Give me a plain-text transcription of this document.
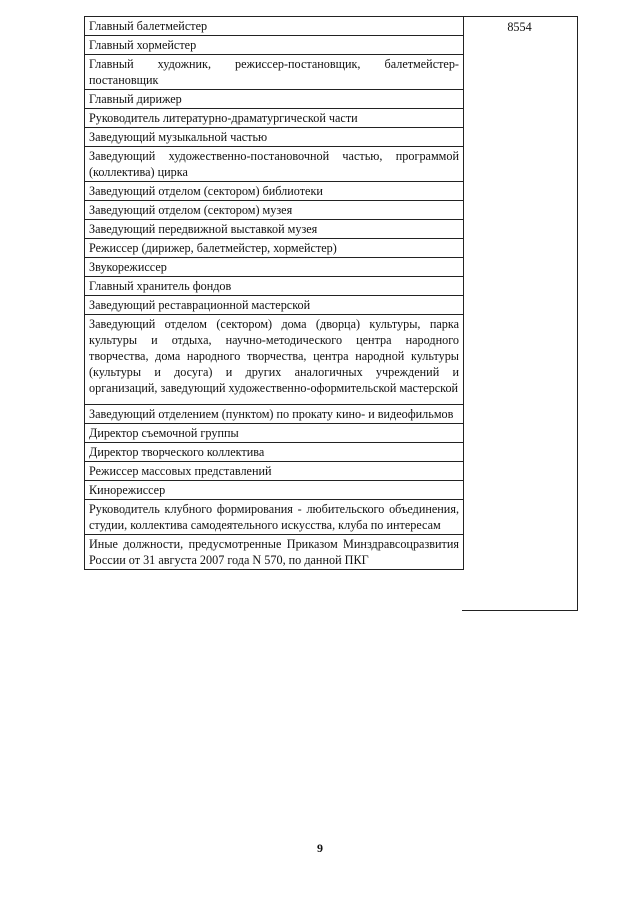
Главный балетмейстер
Главный хормейстер
Главный художник, режиссер-постановщик, балетмейстер-постановщик
Главный дирижер
Руководитель литературно-драматургической части
Заведующий музыкальной частью
Заведующий художественно-постановочной частью, программой (коллектива) цирка
Заведующий отделом (сектором) библиотеки
Заведующий отделом (сектором) музея
Заведующий передвижной выставкой музея
Режиссер (дирижер, балетмейстер, хормейстер)
Звукорежиссер
Главный хранитель фондов
Заведующий реставрационной мастерской
Заведующий отделом (сектором) дома (дворца) культуры, парка культуры и отдыха, научно-методического центра народного творчества, дома народного творчества, центра народной культуры (культуры и досуга) и других аналогичных учреждений и организаций, заведующий художественно-оформительской мастерской
Заведующий отделением (пунктом) по прокату кино- и видеофильмов
Директор съемочной группы
Директор творческого коллектива
Режиссер массовых представлений
Кинорежиссер
Руководитель клубного формирования - любительского объединения, студии, коллектива самодеятельного искусства, клуба по интересам
Иные должности, предусмотренные Приказом Минздравсоцразвития России от 31 августа 2007 года N 570, по данной ПКГ
8554
9
